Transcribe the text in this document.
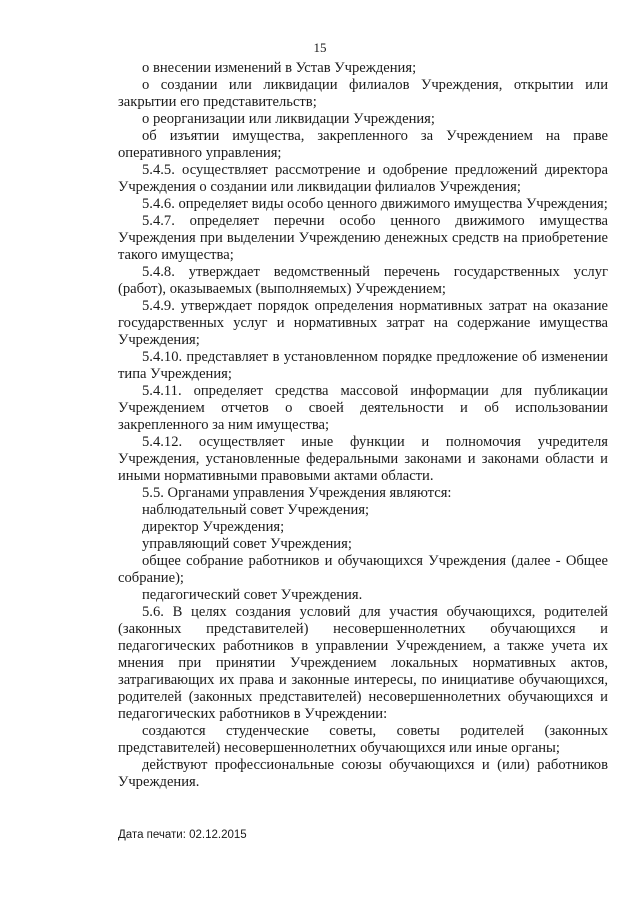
15

о внесении изменений в Устав Учреждения;

о создании или ликвидации филиалов Учреждения, открытии или закрытии его представительств;

о реорганизации или ликвидации Учреждения;

об изъятии имущества, закрепленного за Учреждением на праве оперативного управления;

5.4.5. осуществляет рассмотрение и одобрение предложений директора Учреждения о создании или ликвидации филиалов Учреждения;

5.4.6. определяет виды особо ценного движимого имущества Учреждения;

5.4.7. определяет перечни особо ценного движимого имущества Учреждения при выделении Учреждению денежных средств на приобретение такого имущества;

5.4.8. утверждает ведомственный перечень государственных услуг (работ), оказываемых (выполняемых) Учреждением;

5.4.9. утверждает порядок определения нормативных затрат на оказание государственных услуг и нормативных затрат на содержание имущества Учреждения;

5.4.10. представляет в установленном порядке предложение об изменении типа Учреждения;

5.4.11. определяет средства массовой информации для публикации Учреждением отчетов о своей деятельности и об использовании закрепленного за ним имущества;

5.4.12. осуществляет иные функции и полномочия учредителя Учреждения, установленные федеральными законами и законами области и иными нормативными правовыми актами области.

5.5. Органами управления Учреждения являются:

наблюдательный совет Учреждения;

директор Учреждения;

управляющий совет Учреждения;

общее собрание работников и обучающихся Учреждения (далее - Общее собрание);

педагогический совет Учреждения.

5.6. В целях создания условий для участия обучающихся, родителей (законных представителей) несовершеннолетних обучающихся и педагогических работников в управлении Учреждением, а также учета их мнения при принятии Учреждением локальных нормативных актов, затрагивающих их права и законные интересы, по инициативе обучающихся, родителей (законных представителей) несовершеннолетних обучающихся и педагогических работников в Учреждении:

создаются студенческие советы, советы родителей (законных представителей) несовершеннолетних обучающихся или иные органы;

действуют профессиональные союзы обучающихся и (или) работников Учреждения.

Дата печати: 02.12.2015
